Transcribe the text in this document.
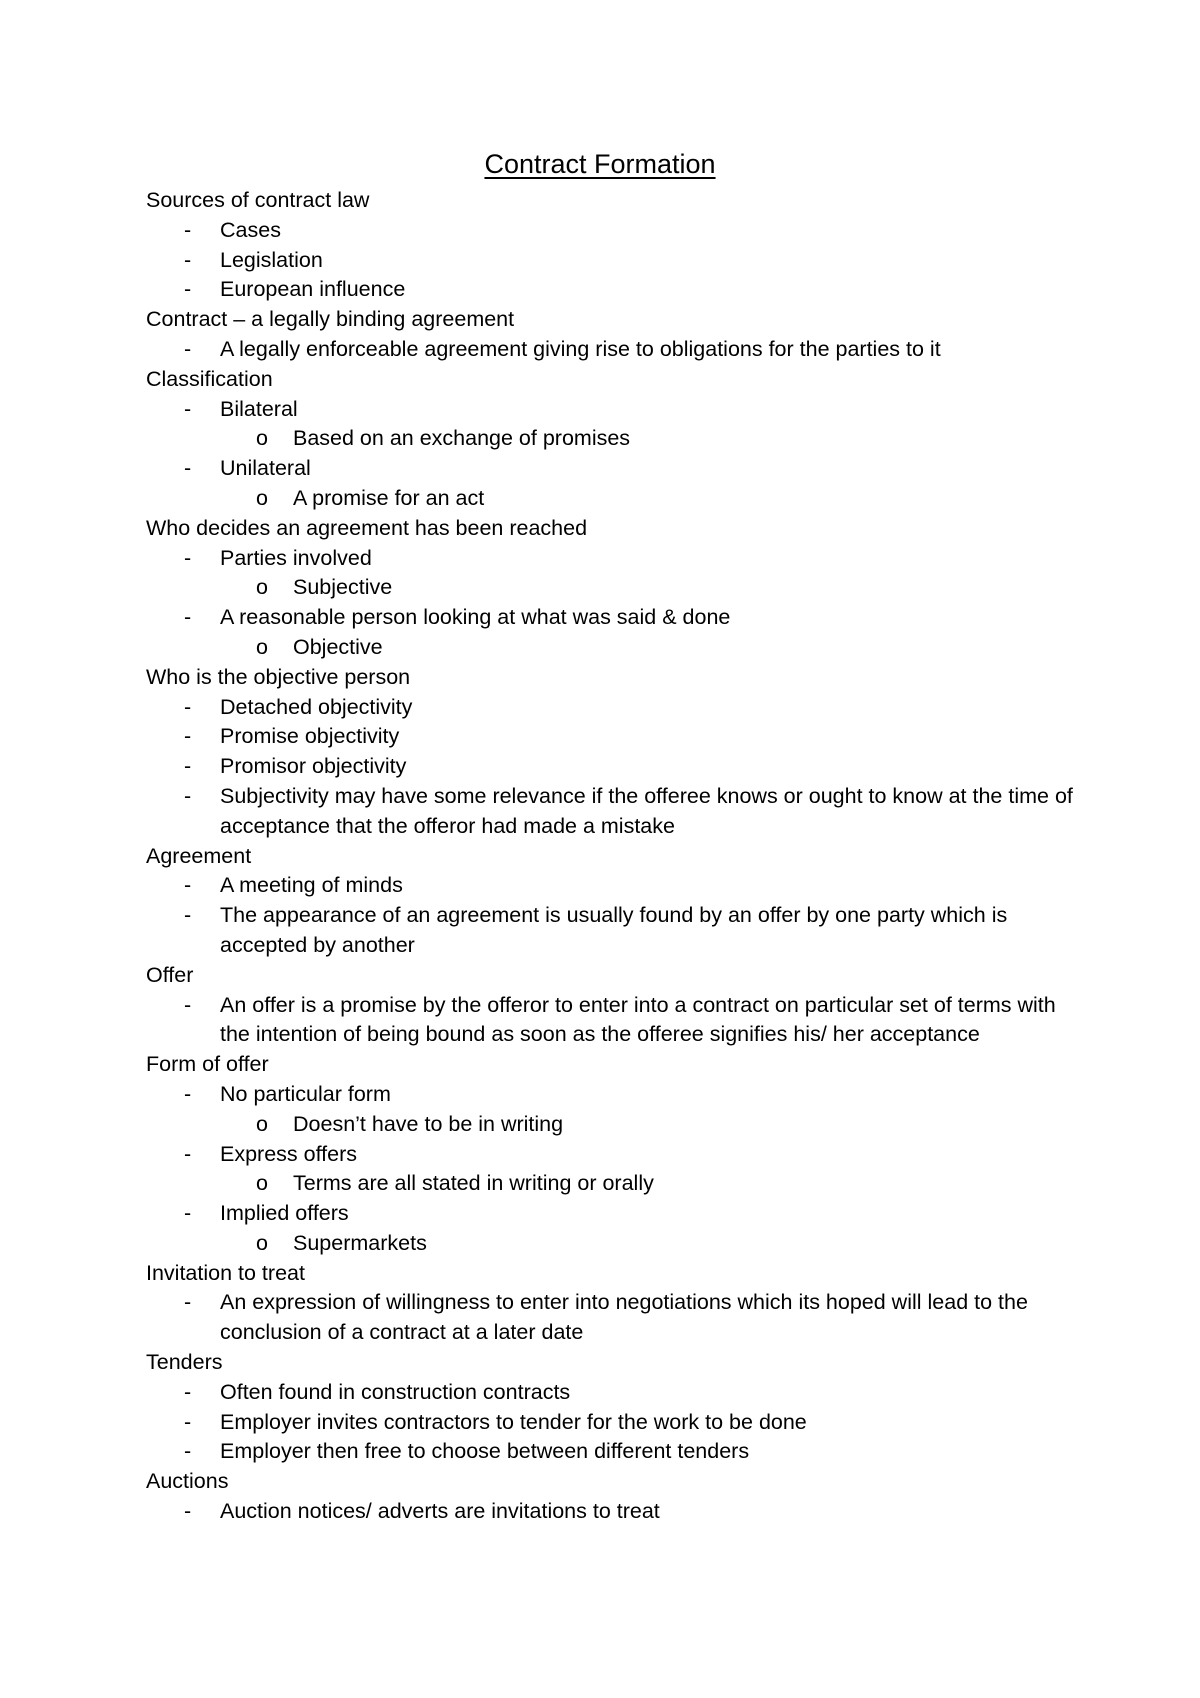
Contract Formation
Sources of contract law
- Cases
- Legislation
- European influence
Contract – a legally binding agreement
- A legally enforceable agreement giving rise to obligations for the parties to it
Classification
- Bilateral
o Based on an exchange of promises
- Unilateral
o A promise for an act
Who decides an agreement has been reached
- Parties involved
o Subjective
- A reasonable person looking at what was said & done
o Objective
Who is the objective person
- Detached objectivity
- Promise objectivity
- Promisor objectivity
- Subjectivity may have some relevance if the offeree knows or ought to know at the time of acceptance that the offeror had made a mistake
Agreement
- A meeting of minds
- The appearance of an agreement is usually found by an offer by one party which is accepted by another
Offer
- An offer is a promise by the offeror to enter into a contract on particular set of terms with the intention of being bound as soon as the offeree signifies his/ her acceptance
Form of offer
- No particular form
o Doesn’t have to be in writing
- Express offers
o Terms are all stated in writing or orally
- Implied offers
o Supermarkets
Invitation to treat
- An expression of willingness to enter into negotiations which its hoped will lead to the conclusion of a contract at a later date
Tenders
- Often found in construction contracts
- Employer invites contractors to tender for the work to be done
- Employer then free to choose between different tenders
Auctions
- Auction notices/ adverts are invitations to treat
